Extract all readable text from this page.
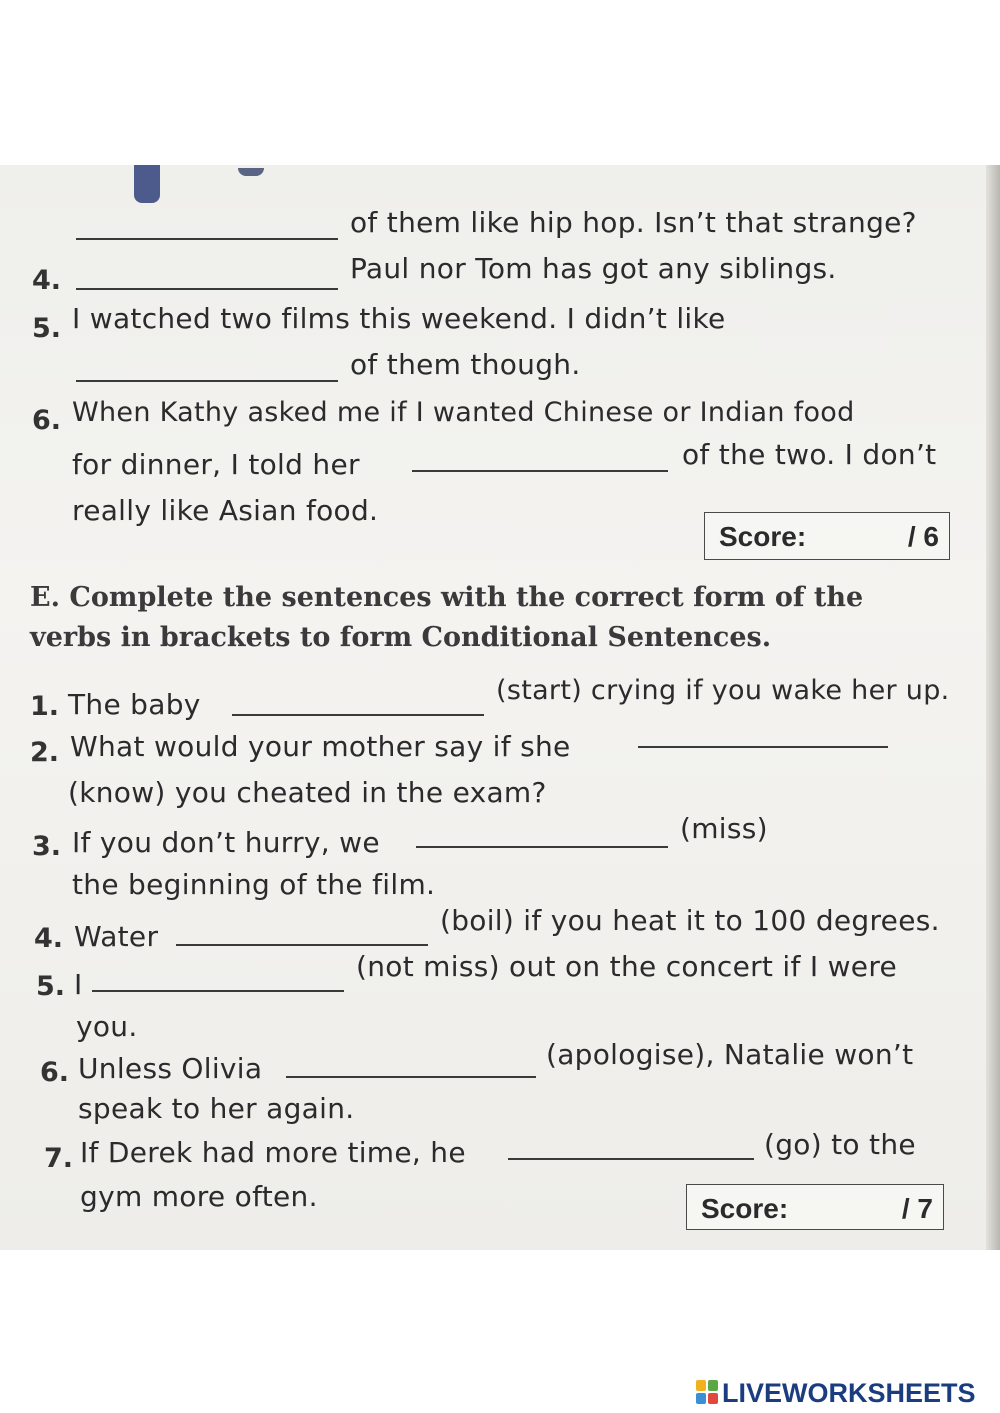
of them like hip hop. Isn’t that strange?
4.	Paul nor Tom has got any siblings.
5. I watched two films this weekend. I didn’t like
of them though.
6. When Kathy asked me if I wanted Chinese or Indian food
for dinner, I told her	of the two. I don’t
really like Asian food.
Score:	/ 6
E. Complete the sentences with the correct form of the verbs in brackets to form Conditional Sentences.
1. The baby	(start) crying if you wake her up.
2. What would your mother say if she
(know) you cheated in the exam?
3. If you don’t hurry, we	(miss)
the beginning of the film.
4. Water	(boil) if you heat it to 100 degrees.
5. I
(not miss) out on the concert if I were
you.
6. Unless Olivia	(apologise), Natalie won’t
speak to her again.
7. If Derek had more time, he	(go) to the
gym more often.	Score:	/ 7
LIVEWORKSHEETS
